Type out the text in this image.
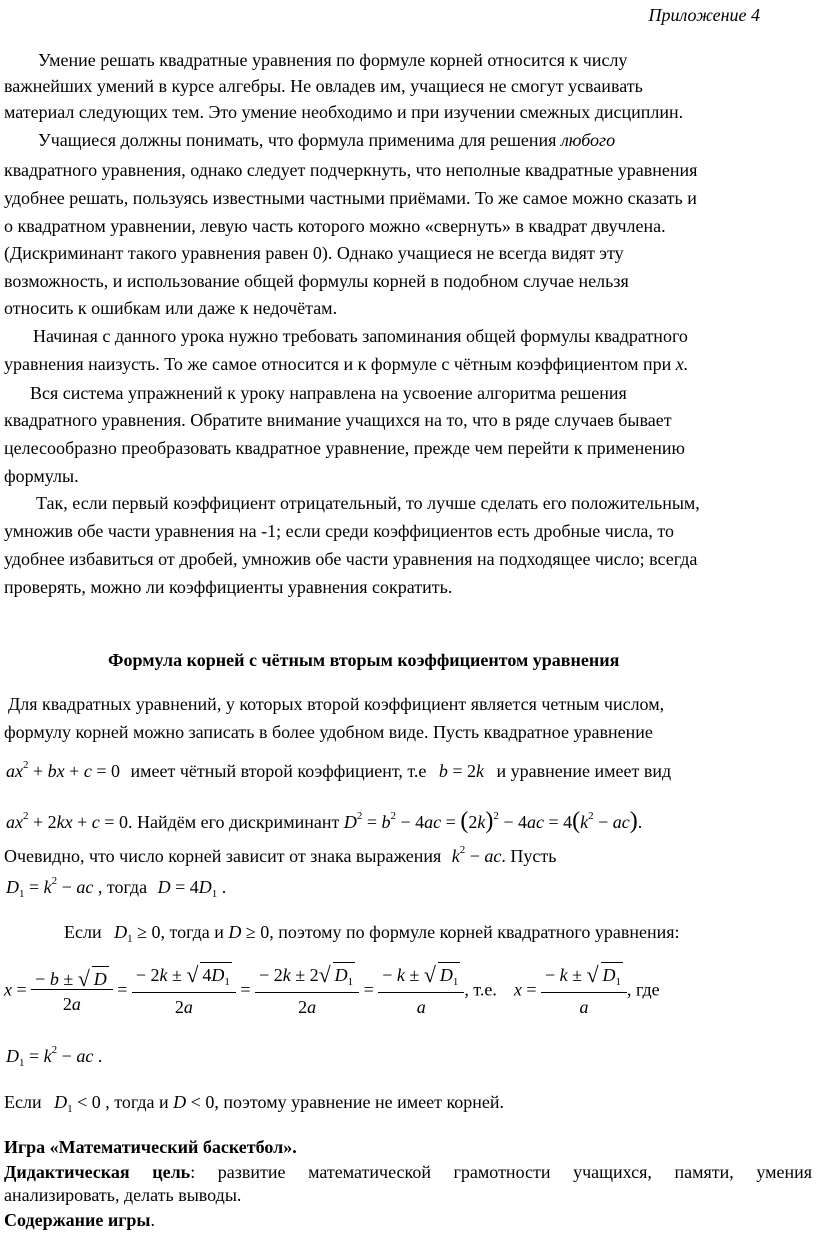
Приложение 4
Умение решать квадратные уравнения по формуле корней относится к числу
важнейших умений в курсе алгебры. Не овладев им, учащиеся не смогут усваивать
материал следующих тем. Это умение необходимо и при изучении смежных дисциплин.
Учащиеся должны понимать, что формула применима для решения любого
квадратного уравнения, однако следует подчеркнуть, что неполные квадратные уравнения
удобнее решать, пользуясь известными частными приёмами. То же самое можно сказать и
о квадратном уравнении, левую часть которого можно «свернуть» в квадрат двучлена.
(Дискриминант такого уравнения равен 0). Однако учащиеся не всегда видят эту
возможность, и использование общей формулы корней в подобном случае нельзя
относить к ошибкам или даже к недочётам.
Начиная с данного урока нужно требовать запоминания общей формулы квадратного
уравнения наизусть. То же самое относится и к формуле с чётным коэффициентом при x.
Вся система упражнений к уроку направлена на усвоение алгоритма решения
квадратного уравнения. Обратите внимание учащихся на то, что в ряде случаев бывает
целесообразно преобразовать квадратное уравнение, прежде чем перейти к применению
формулы.
Так, если первый коэффициент отрицательный, то лучше сделать его положительным,
умножив обе части уравнения на -1; если среди коэффициентов есть дробные числа, то
удобнее избавиться от дробей, умножив обе части уравнения на подходящее число; всегда
проверять, можно ли коэффициенты уравнения сократить.
Формула корней с чётным вторым коэффициентом уравнения
Для квадратных уравнений, у которых второй коэффициент является четным числом,
формулу корней можно записать в более удобном виде. Пусть квадратное уравнение
$ax^2$ + bx + c = 0 имеет чётный второй коэффициент, т.е b = 2k и уравнение имеет вид
$ax^2 + 2kx + c = 0$. Найдём его дискриминант $D^2 = b^2 - 4ac = (2k)^2 - 4ac = 4(k^2 - ac)$.
Очевидно, что число корней зависит от знака выражения $k^2$ − ac. Пусть
$D_1 = k^2$ − ac , тогда $D = 4D_1$ .
Если $D_1 \ge 0$, тогда и D ≥ 0, поэтому по формуле корней квадратного уравнения:
$x = \frac{- b \pm √ D}{2a} = \frac{- 2k \pm √ 4D_1}{2a} = \frac{- 2k \pm 2 √ D_1}{2a} = \frac{- k \pm √ D_1}{a}$ , т.е. $x = \frac{- k \pm √ D_1}{a}$ , где
$D_1 = k^2$ − ac .
Если $D_1 < 0$ , тогда и D < 0, поэтому уравнение не имеет корней.
Игра «Математический баскетбол».
Дидактическая цель: развитие математической грамотности учащихся, памяти, умения
анализировать, делать выводы.
Содержание игры.
